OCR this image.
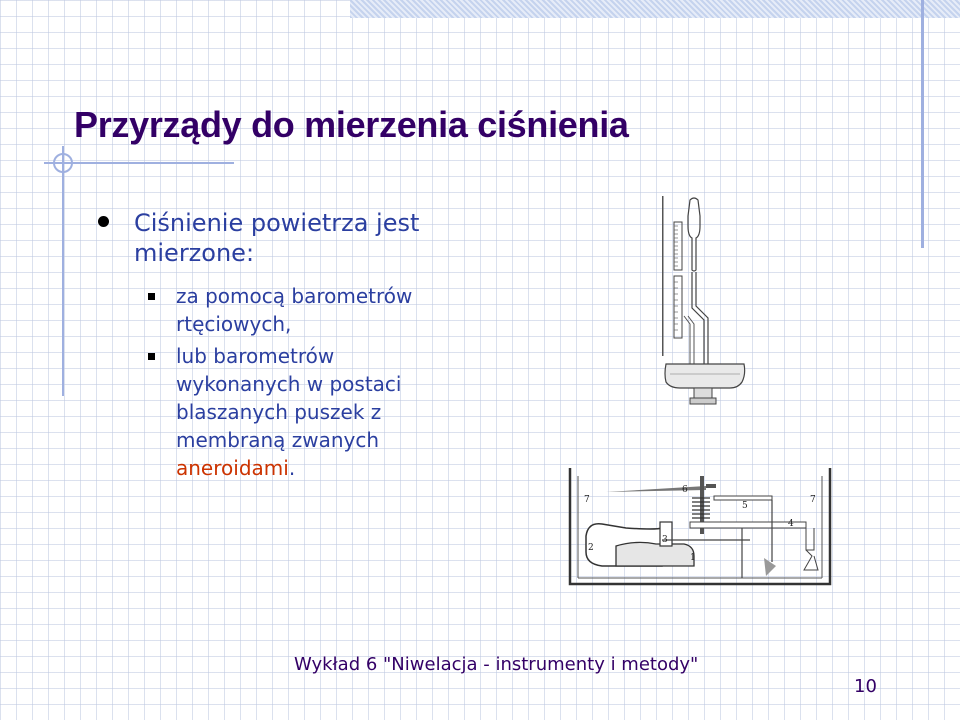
Przyrządy do mierzenia ciśnienia
Ciśnienie powietrza jest mierzone:
za pomocą barometrów rtęciowych,
lub barometrów wykonanych w postaci blaszanych puszek z membraną zwanych aneroidami.
7
6
5
7
4
3
2
1
Wykład 6 "Niwelacja - instrumenty i metody"
10
